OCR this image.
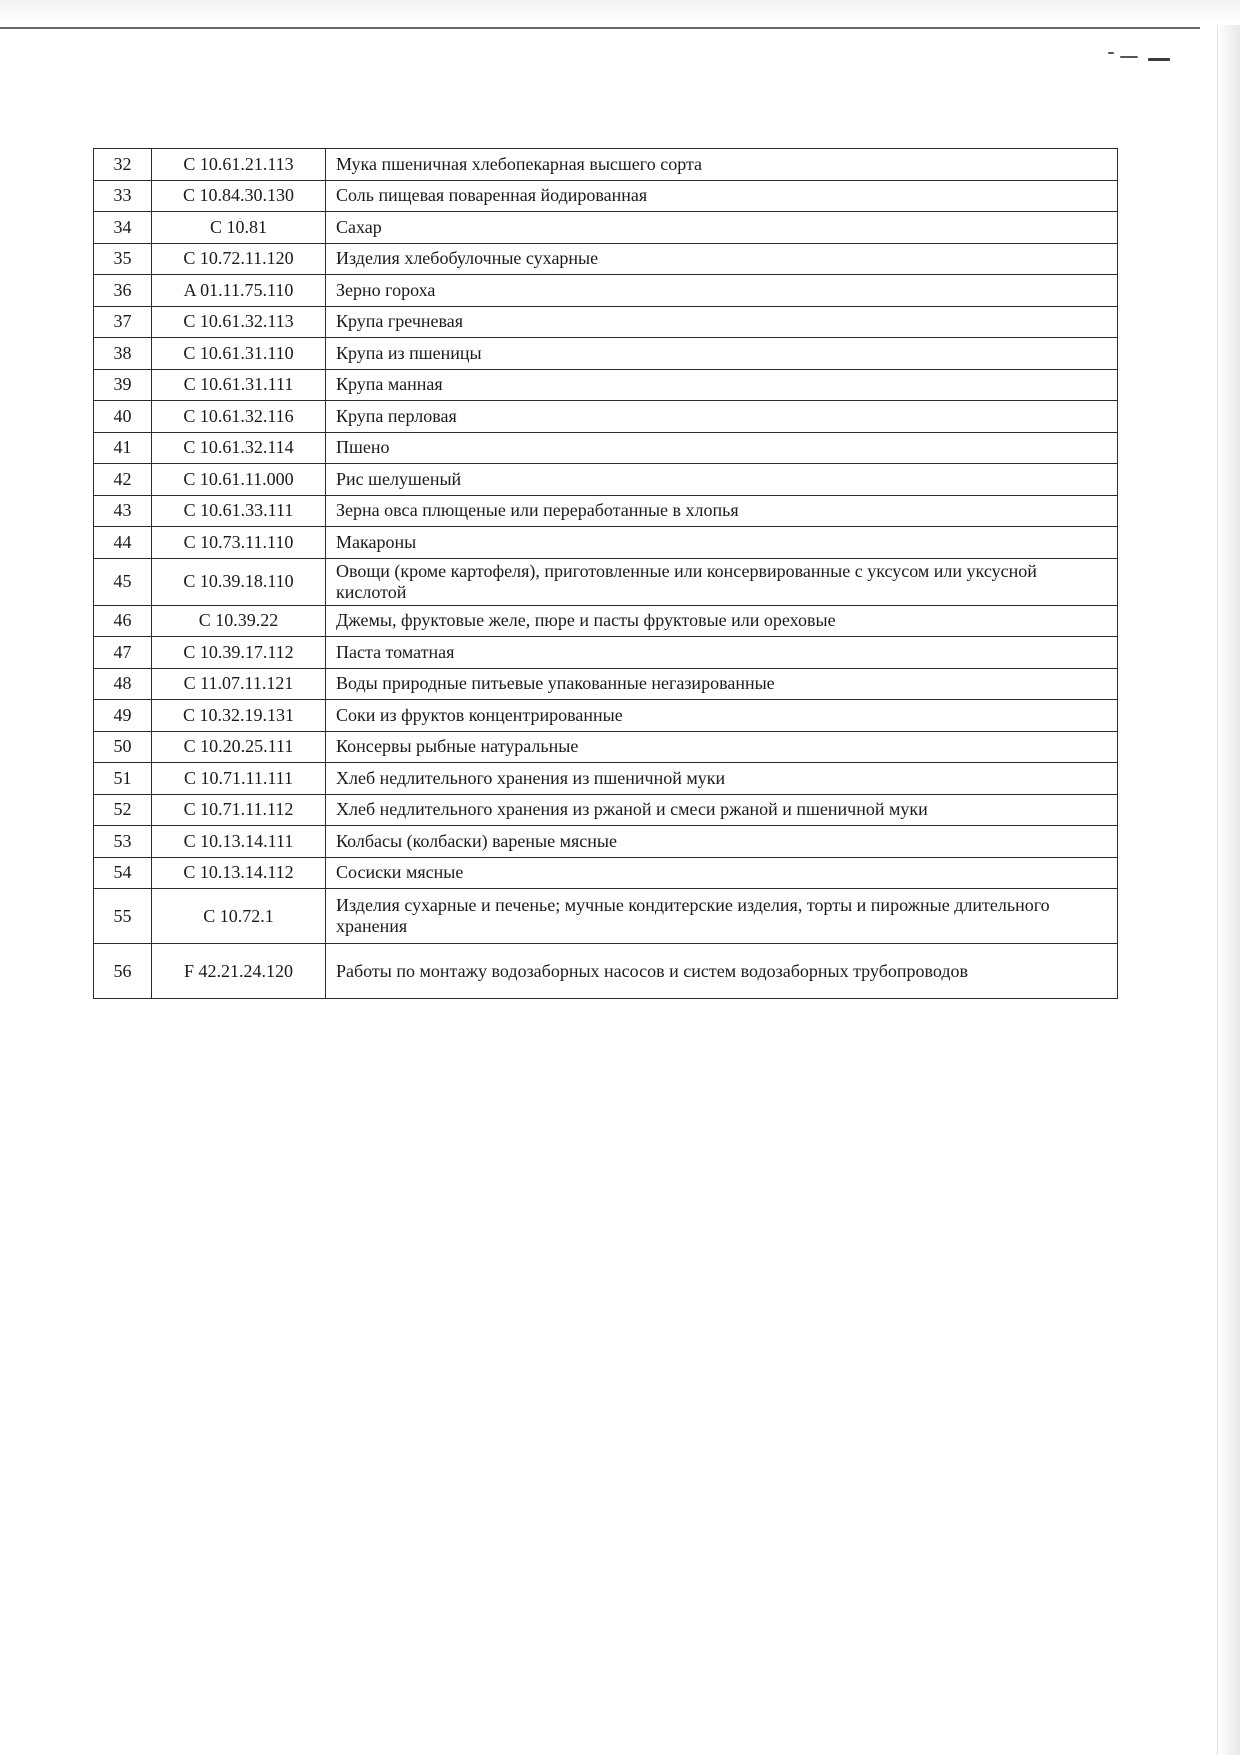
32	C 10.61.21.113	Мука пшеничная хлебопекарная высшего сорта
33	C 10.84.30.130	Соль пищевая поваренная йодированная
34	C 10.81	Сахар
35	C 10.72.11.120	Изделия хлебобулочные сухарные
36	A 01.11.75.110	Зерно гороха
37	C 10.61.32.113	Крупа гречневая
38	C 10.61.31.110	Крупа из пшеницы
39	C 10.61.31.111	Крупа манная
40	C 10.61.32.116	Крупа перловая
41	C 10.61.32.114	Пшено
42	C 10.61.11.000	Рис шелушеный
43	C 10.61.33.111	Зерна овса плющеные или переработанные в хлопья
44	C 10.73.11.110	Макароны
45	C 10.39.18.110	Овощи (кроме картофеля), приготовленные или консервированные с уксусом или уксусной кислотой
46	C 10.39.22	Джемы, фруктовые желе, пюре и пасты фруктовые или ореховые
47	C 10.39.17.112	Паста томатная
48	C 11.07.11.121	Воды природные питьевые упакованные негазированные
49	C 10.32.19.131	Соки из фруктов концентрированные
50	C 10.20.25.111	Консервы рыбные натуральные
51	C 10.71.11.111	Хлеб недлительного хранения из пшеничной муки
52	C 10.71.11.112	Хлеб недлительного хранения из ржаной и смеси ржаной и пшеничной муки
53	C 10.13.14.111	Колбасы (колбаски) вареные мясные
54	C 10.13.14.112	Сосиски мясные
55	C 10.72.1	Изделия сухарные и печенье; мучные кондитерские изделия, торты и пирожные длительного хранения
56	F 42.21.24.120	Работы по монтажу водозаборных насосов и систем водозаборных трубопроводов
